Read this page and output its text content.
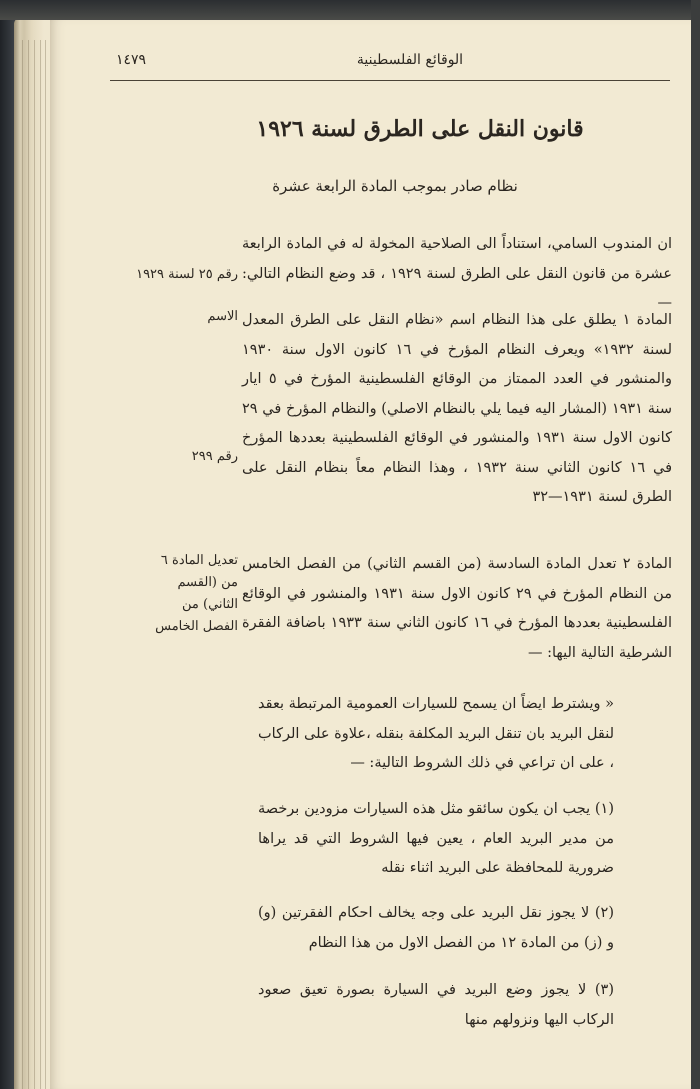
١٤٧٩	الوقائع الفلسطينية
قانون النقل على الطرق لسنة ١٩٢٦
نظام صادر بموجب المادة الرابعة عشرة
ان المندوب السامي، استناداً الى الصلاحية المخولة له في المادة الرابعة عشرة من قانون النقل على الطرق لسنة ١٩٢٩ ، قد وضع النظام التالي: —
رقم ٢٥ لسنة ١٩٢٩
الاسم المادة ١ يطلق على هذا النظام اسم «نظام النقل على الطرق المعدل لسنة ١٩٣٢» ويعرف النظام المؤرخ في ١٦ كانون الاول سنة ١٩٣٠ والمنشور في العدد الممتاز من الوقائع الفلسطينية المؤرخ في ٥ ايار سنة ١٩٣١ (المشار اليه فيما يلي بالنظام الاصلي) والنظام المؤرخ في ٢٩ كانون الاول سنة ١٩٣١ والمنشور في الوقائع الفلسطينية بعددها المؤرخ في ١٦ كانون الثاني سنة ١٩٣٢ ، وهذا النظام معاً بنظام النقل على الطرق لسنة ١٩٣١—٣٢
رقم ٢٩٩
تعديل المادة ٦ من (القسم الثاني) من الفصل الخامس
المادة ٢ تعدل المادة السادسة (من القسم الثاني) من الفصل الخامس من النظام المؤرخ في ٢٩ كانون الاول سنة ١٩٣١ والمنشور في الوقائع الفلسطينية بعددها المؤرخ في ١٦ كانون الثاني سنة ١٩٣٣ باضافة الفقرة الشرطية التالية اليها: —
« ويشترط ايضاً ان يسمح للسيارات العمومية المرتبطة بعقد لنقل البريد بان تنقل البريد المكلفة بنقله ،علاوة على الركاب ، على ان تراعي في ذلك الشروط التالية: —
(١) يجب ان يكون سائقو مثل هذه السيارات مزودين برخصة من مدير البريد العام ، يعين فيها الشروط التي قد يراها ضرورية للمحافظة على البريد اثناء نقله
(٢) لا يجوز نقل البريد على وجه يخالف احكام الفقرتين (و) و (ز) من المادة ١٢ من الفصل الاول من هذا النظام
(٣) لا يجوز وضع البريد في السيارة بصورة تعيق صعود الركاب اليها ونزولهم منها
